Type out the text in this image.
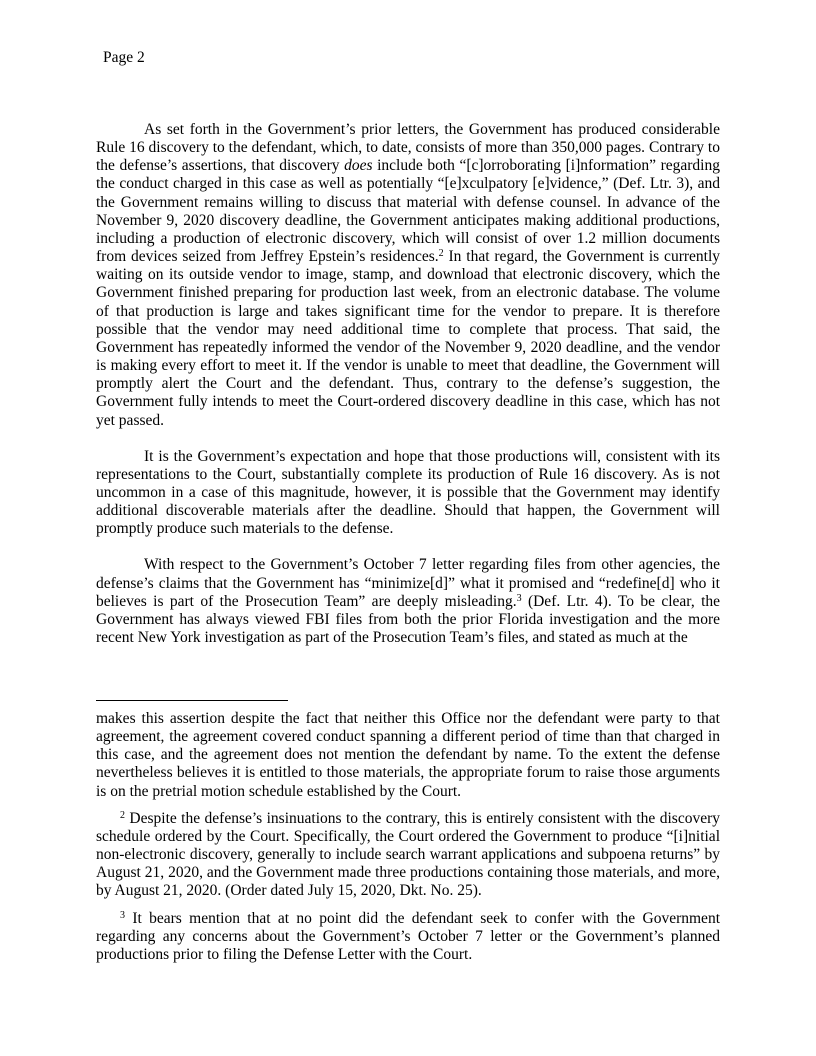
Page 2

As set forth in the Government’s prior letters, the Government has produced considerable Rule 16 discovery to the defendant, which, to date, consists of more than 350,000 pages. Contrary to the defense’s assertions, that discovery does include both “[c]orroborating [i]nformation” regarding the conduct charged in this case as well as potentially “[e]xculpatory [e]vidence,” (Def. Ltr. 3), and the Government remains willing to discuss that material with defense counsel. In advance of the November 9, 2020 discovery deadline, the Government anticipates making additional productions, including a production of electronic discovery, which will consist of over 1.2 million documents from devices seized from Jeffrey Epstein’s residences.$^2$ In that regard, the Government is currently waiting on its outside vendor to image, stamp, and download that electronic discovery, which the Government finished preparing for production last week, from an electronic database. The volume of that production is large and takes significant time for the vendor to prepare. It is therefore possible that the vendor may need additional time to complete that process. That said, the Government has repeatedly informed the vendor of the November 9, 2020 deadline, and the vendor is making every effort to meet it. If the vendor is unable to meet that deadline, the Government will promptly alert the Court and the defendant. Thus, contrary to the defense’s suggestion, the Government fully intends to meet the Court-ordered discovery deadline in this case, which has not yet passed.

It is the Government’s expectation and hope that those productions will, consistent with its representations to the Court, substantially complete its production of Rule 16 discovery. As is not uncommon in a case of this magnitude, however, it is possible that the Government may identify additional discoverable materials after the deadline. Should that happen, the Government will promptly produce such materials to the defense.

With respect to the Government’s October 7 letter regarding files from other agencies, the defense’s claims that the Government has “minimize[d]” what it promised and “redefine[d] who it believes is part of the Prosecution Team” are deeply misleading.$^3$ (Def. Ltr. 4). To be clear, the Government has always viewed FBI files from both the prior Florida investigation and the more recent New York investigation as part of the Prosecution Team’s files, and stated as much at the

makes this assertion despite the fact that neither this Office nor the defendant were party to that agreement, the agreement covered conduct spanning a different period of time than that charged in this case, and the agreement does not mention the defendant by name. To the extent the defense nevertheless believes it is entitled to those materials, the appropriate forum to raise those arguments is on the pretrial motion schedule established by the Court.

$^2$ Despite the defense’s insinuations to the contrary, this is entirely consistent with the discovery schedule ordered by the Court. Specifically, the Court ordered the Government to produce “[i]nitial non-electronic discovery, generally to include search warrant applications and subpoena returns” by August 21, 2020, and the Government made three productions containing those materials, and more, by August 21, 2020. (Order dated July 15, 2020, Dkt. No. 25).

$^3$ It bears mention that at no point did the defendant seek to confer with the Government regarding any concerns about the Government’s October 7 letter or the Government’s planned productions prior to filing the Defense Letter with the Court.
